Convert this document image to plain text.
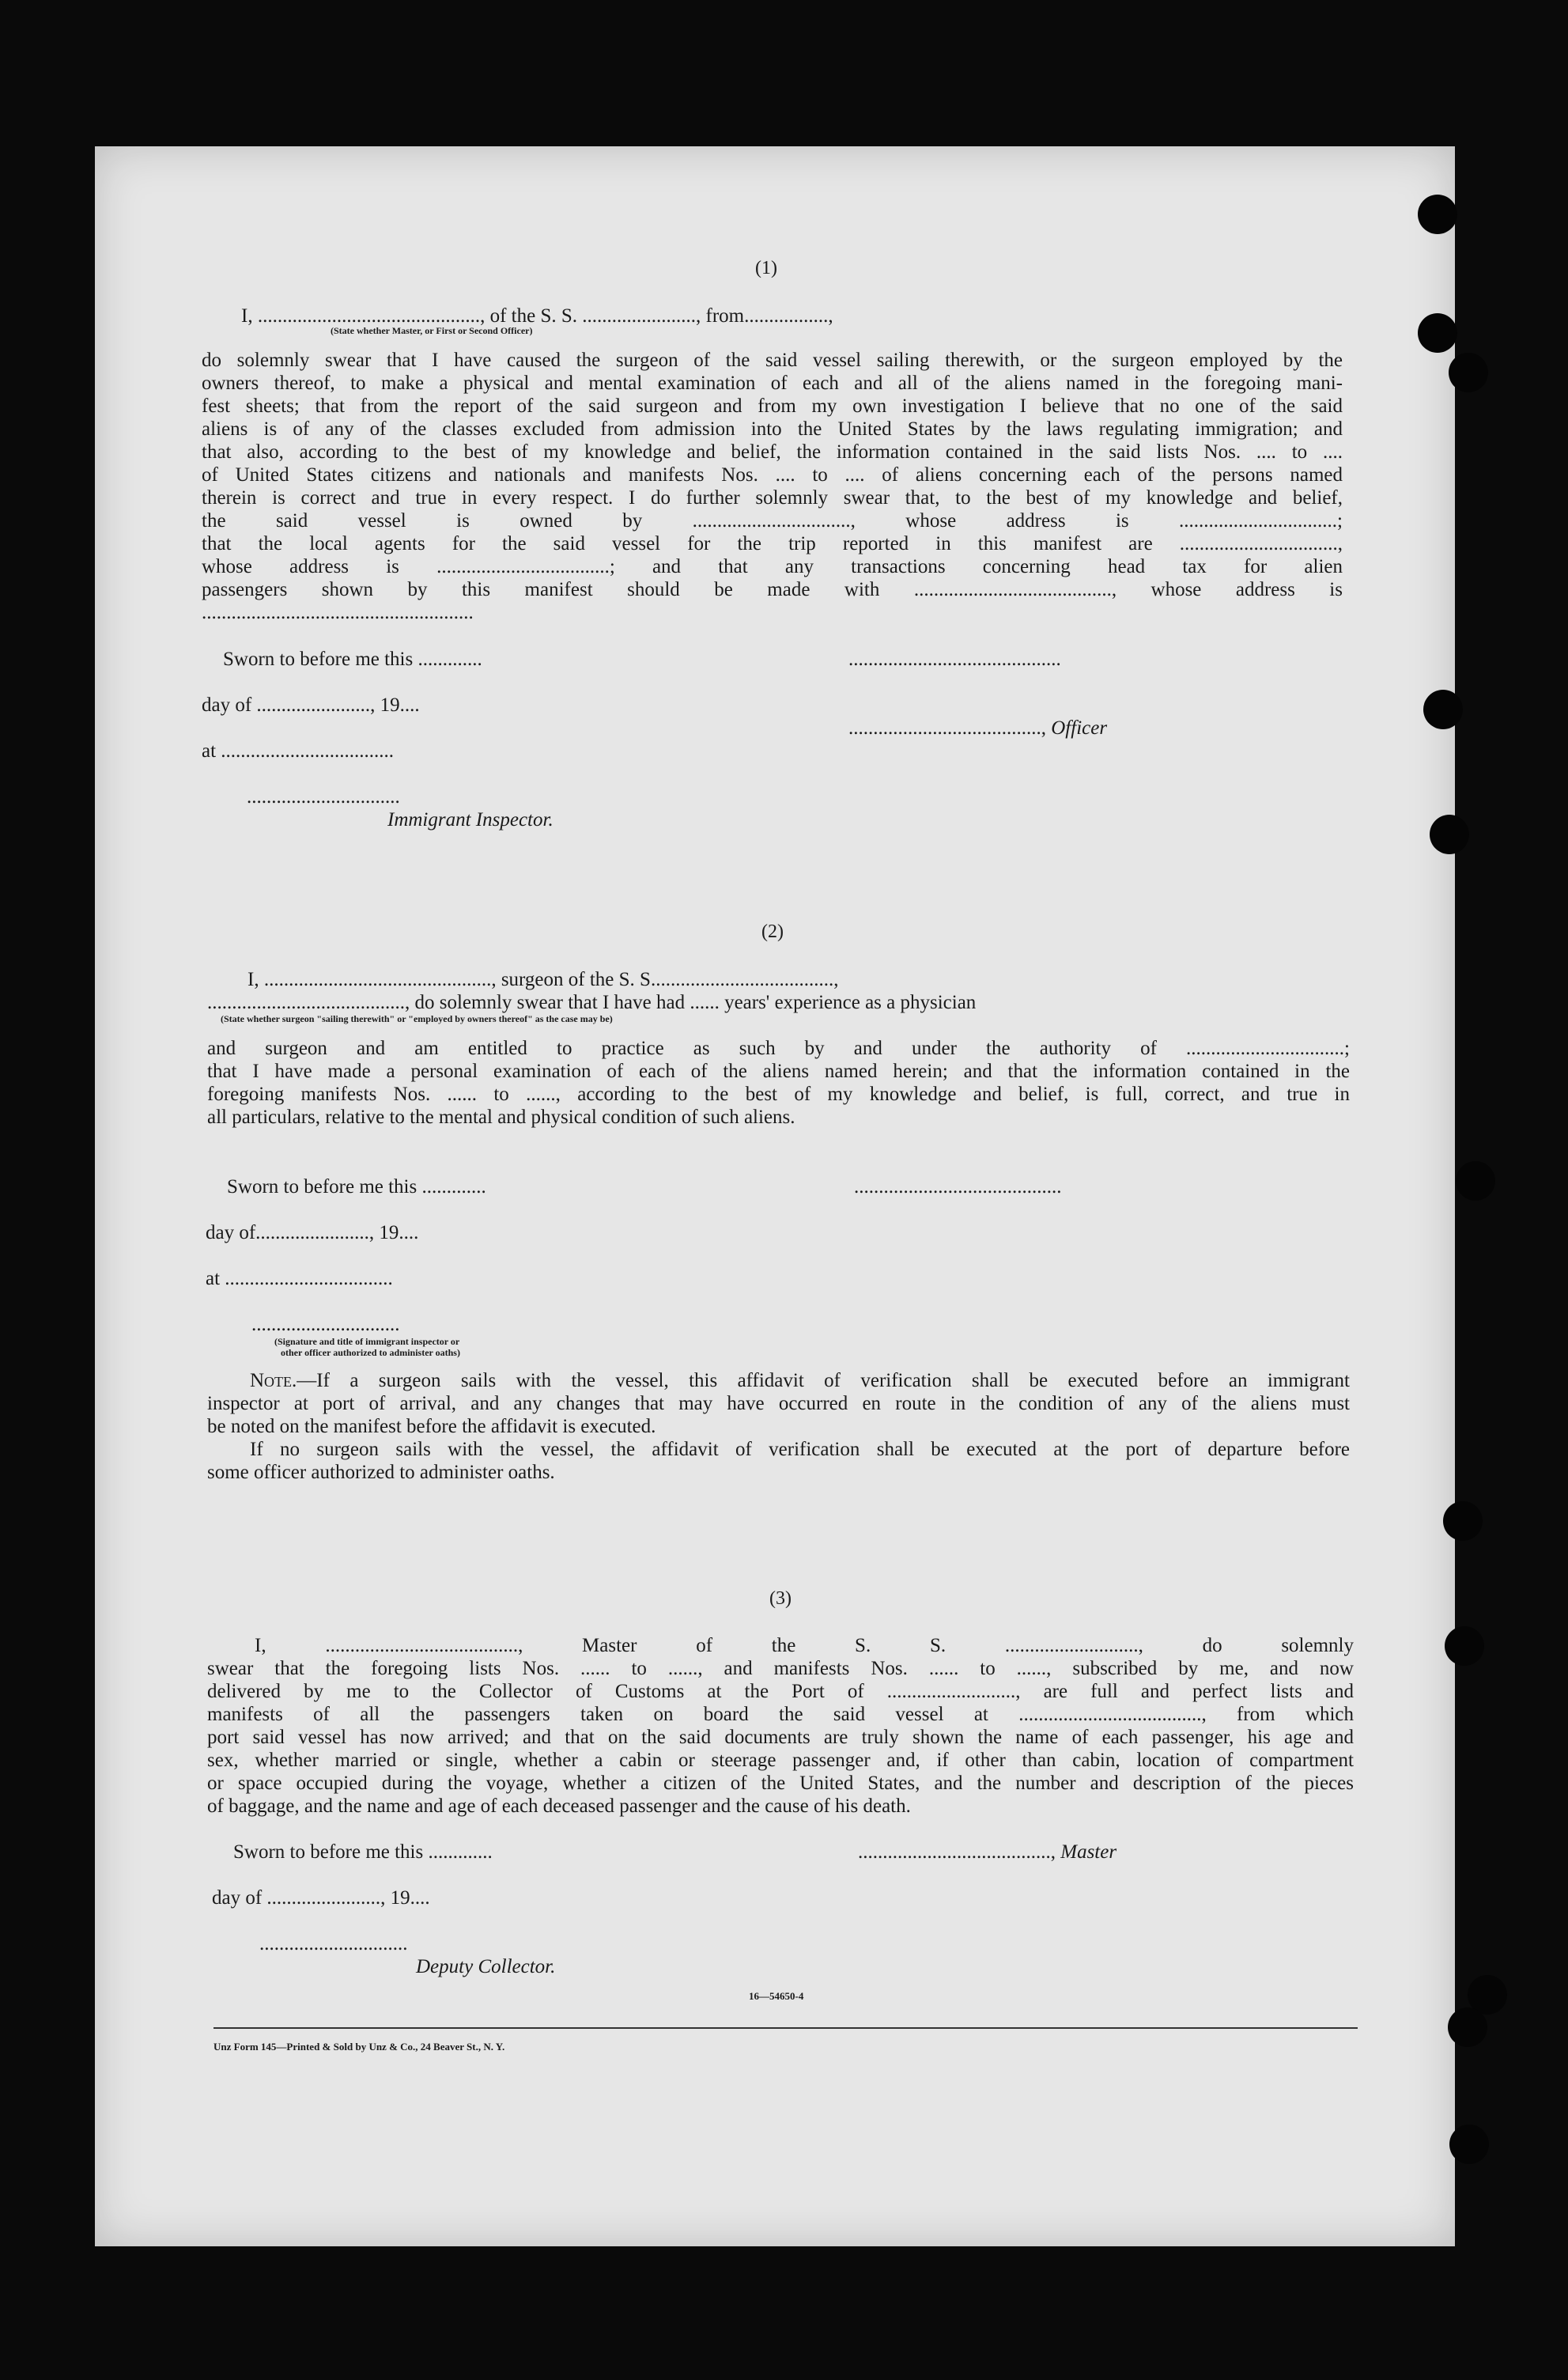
(1)
I, ............................................., of the S. S. ......................., from.................,
(State whether Master, or First or Second Officer)
do solemnly swear that I have caused the surgeon of the said vessel sailing therewith, or the surgeon employed by the
owners thereof, to make a physical and mental examination of each and all of the aliens named in the foregoing mani-
fest sheets; that from the report of the said surgeon and from my own investigation I believe that no one of the said
aliens is of any of the classes excluded from admission into the United States by the laws regulating immigration; and
that also, according to the best of my knowledge and belief, the information contained in the said lists Nos. .... to ....
of United States citizens and nationals and manifests Nos. .... to .... of aliens concerning each of the persons named
therein is correct and true in every respect. I do further solemnly swear that, to the best of my knowledge and belief,
the said vessel is owned by ................................, whose address is ................................;
that the local agents for the said vessel for the trip reported in this manifest are ................................,
whose address is ...................................; and that any transactions concerning head tax for alien
passengers shown by this manifest should be made with ........................................, whose address is
.......................................................
Sworn to before me this .............	...........................................
day of ......................., 19....
......................................., Officer
at ...................................
...............................
Immigrant Inspector.
(2)
I, .............................................., surgeon of the S. S.....................................,
........................................, do solemnly swear that I have had ...... years' experience as a physician
(State whether surgeon "sailing therewith" or "employed by owners thereof" as the case may be)
and surgeon and am entitled to practice as such by and under the authority of ................................;
that I have made a personal examination of each of the aliens named herein; and that the information contained in the
foregoing manifests Nos. ...... to ......, according to the best of my knowledge and belief, is full, correct, and true in
all particulars, relative to the mental and physical condition of such aliens.
Sworn to before me this .............	..........................................
day of......................., 19....
at ..................................
..............................
(Signature and title of immigrant inspector or
other officer authorized to administer oaths)
Note.—If a surgeon sails with the vessel, this affidavit of verification shall be executed before an immigrant
inspector at port of arrival, and any changes that may have occurred en route in the condition of any of the aliens must
be noted on the manifest before the affidavit is executed.
If no surgeon sails with the vessel, the affidavit of verification shall be executed at the port of departure before
some officer authorized to administer oaths.
(3)
I, ......................................., Master of the S. S. ..........................., do solemnly
swear that the foregoing lists Nos. ...... to ......, and manifests Nos. ...... to ......, subscribed by me, and now
delivered by me to the Collector of Customs at the Port of .........................., are full and perfect lists and
manifests of all the passengers taken on board the said vessel at ....................................., from which
port said vessel has now arrived; and that on the said documents are truly shown the name of each passenger, his age and
sex, whether married or single, whether a cabin or steerage passenger and, if other than cabin, location of compartment
or space occupied during the voyage, whether a citizen of the United States, and the number and description of the pieces
of baggage, and the name and age of each deceased passenger and the cause of his death.
Sworn to before me this .............	......................................., Master
day of ......................., 19....
..............................
Deputy Collector.
16—54650-4
Unz Form 145—Printed & Sold by Unz & Co., 24 Beaver St., N. Y.
